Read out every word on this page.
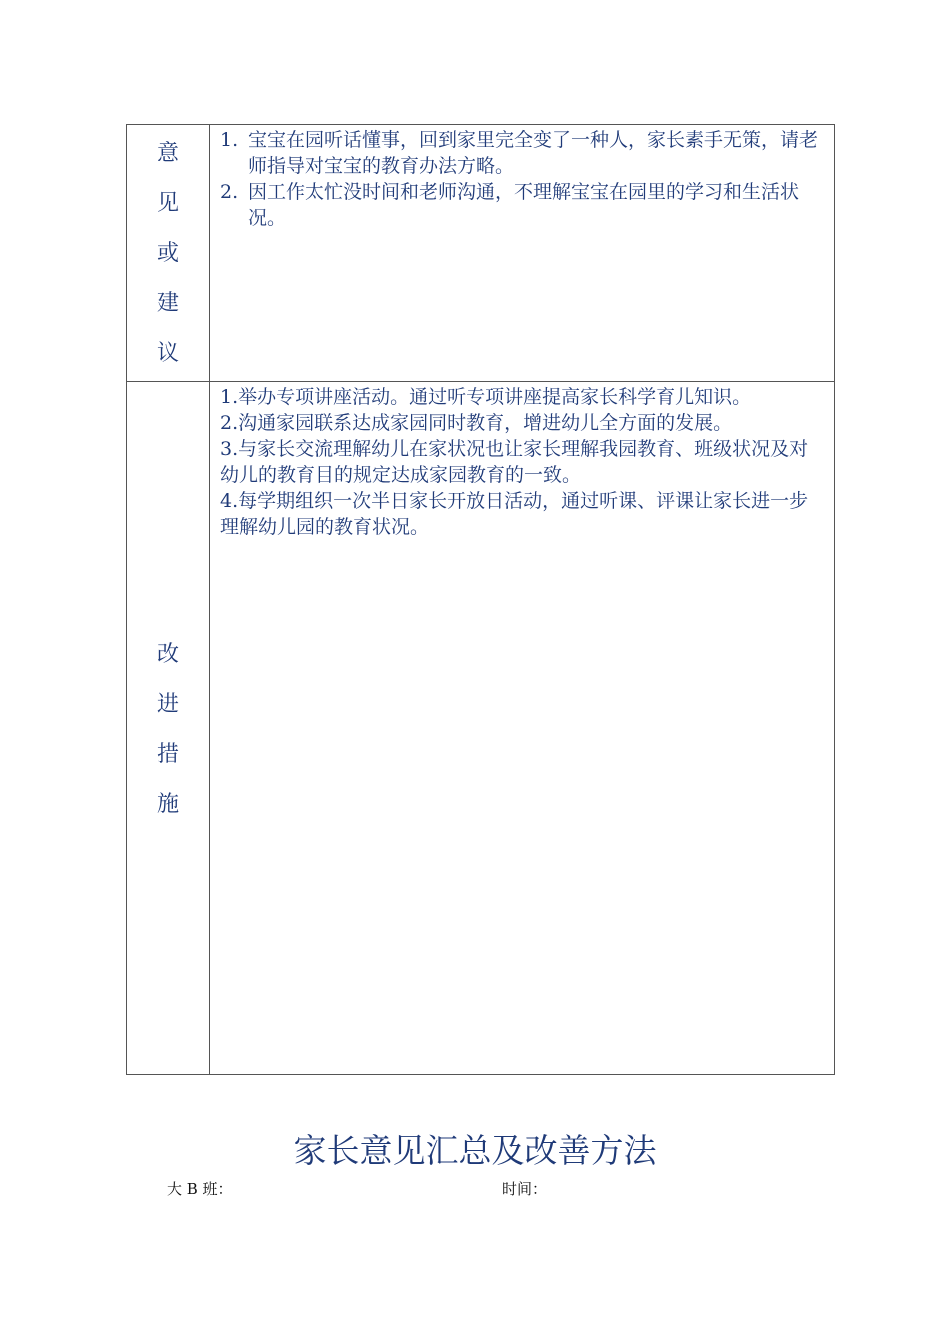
意
见
或
建
议
1. 宝宝在园听话懂事，回到家里完全变了一种人，家长素手无策，请老师指导对宝宝的教育办法方略。
2. 因工作太忙没时间和老师沟通，不理解宝宝在园里的学习和生活状况。
改
进
措
施
1.举办专项讲座活动。通过听专项讲座提高家长科学育儿知识。
2.沟通家园联系达成家园同时教育，增进幼儿全方面的发展。
3.与家长交流理解幼儿在家状况也让家长理解我园教育、班级状况及对幼儿的教育目的规定达成家园教育的一致。
4.每学期组织一次半日家长开放日活动，通过听课、评课让家长进一步理解幼儿园的教育状况。
家长意见汇总及改善方法
大 B 班：	时间：
